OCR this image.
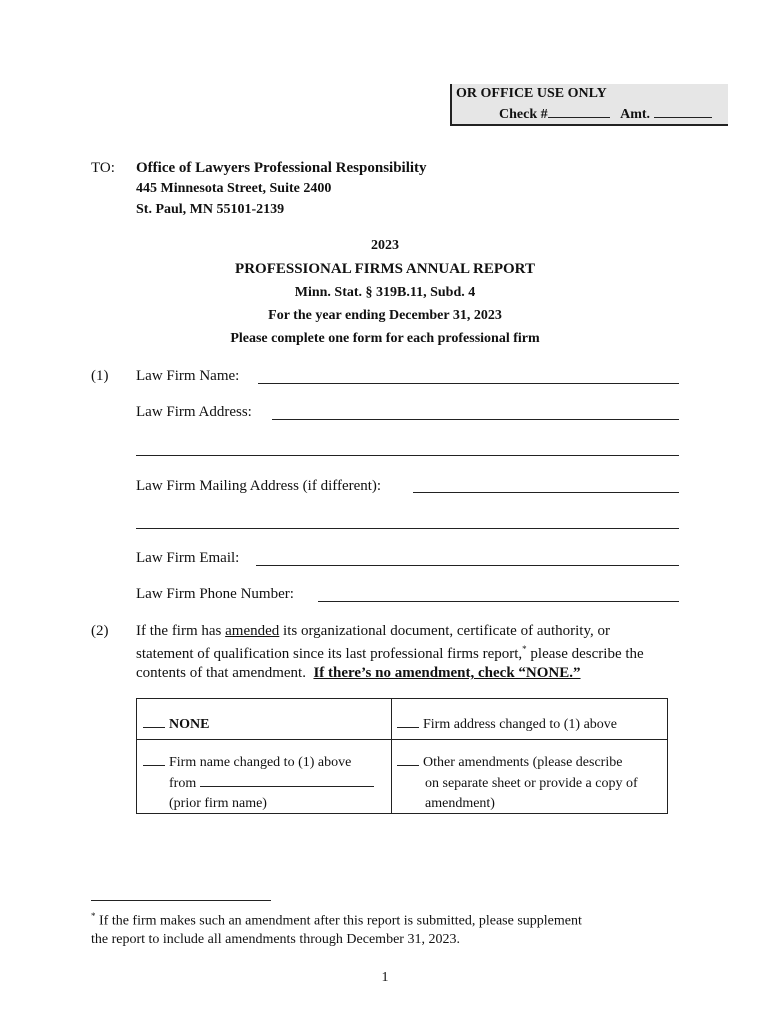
OR OFFICE USE ONLY
Check #	Amt.
TO: Office of Lawyers Professional Responsibility
445 Minnesota Street, Suite 2400
St. Paul, MN 55101-2139
2023
PROFESSIONAL FIRMS ANNUAL REPORT
Minn. Stat. § 319B.11, Subd. 4
For the year ending December 31, 2023
Please complete one form for each professional firm
(1) Law Firm Name:
Law Firm Address:
Law Firm Mailing Address (if different):
Law Firm Email:
Law Firm Phone Number:
(2) If the firm has amended its organizational document, certificate of authority, or
statement of qualification since its last professional firms report,* please describe the
contents of that amendment. If there’s no amendment, check “NONE.”
NONE	Firm address changed to (1) above
Firm name changed to (1) above
from
(prior firm name)
Other amendments (please describe
on separate sheet or provide a copy of
amendment)
* If the firm makes such an amendment after this report is submitted, please supplement
the report to include all amendments through December 31, 2023.
1
